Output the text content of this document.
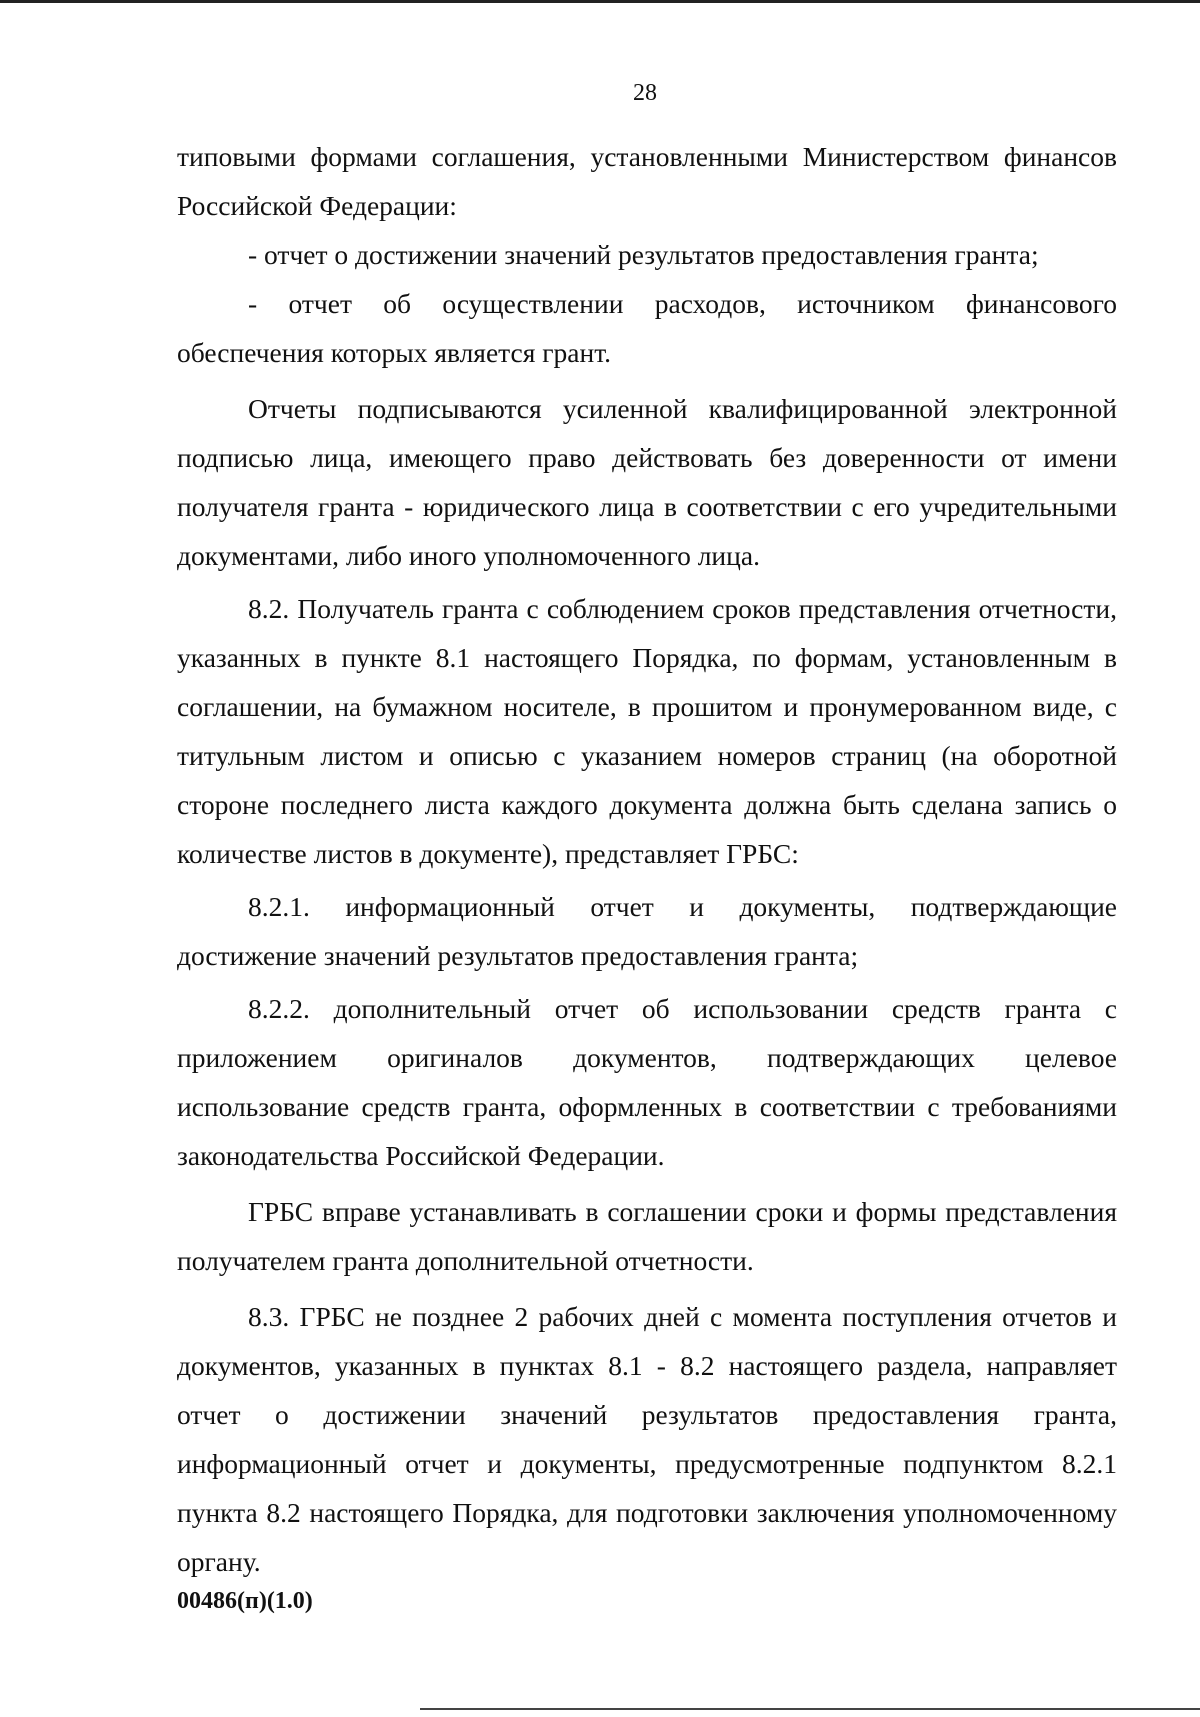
28

типовыми формами соглашения, установленными Министерством финансов Российской Федерации:

- отчет о достижении значений результатов предоставления гранта;

- отчет об осуществлении расходов, источником финансового обеспечения которых является грант.

Отчеты подписываются усиленной квалифицированной электронной подписью лица, имеющего право действовать без доверенности от имени получателя гранта - юридического лица в соответствии с его учредительными документами, либо иного уполномоченного лица.

8.2. Получатель гранта с соблюдением сроков представления отчетности, указанных в пункте 8.1 настоящего Порядка, по формам, установленным в соглашении, на бумажном носителе, в прошитом и пронумерованном виде, с титульным листом и описью с указанием номеров страниц (на оборотной стороне последнего листа каждого документа должна быть сделана запись о количестве листов в документе), представляет ГРБС:

8.2.1. информационный отчет и документы, подтверждающие достижение значений результатов предоставления гранта;

8.2.2. дополнительный отчет об использовании средств гранта с приложением оригиналов документов, подтверждающих целевое использование средств гранта, оформленных в соответствии с требованиями законодательства Российской Федерации.

ГРБС вправе устанавливать в соглашении сроки и формы представления получателем гранта дополнительной отчетности.

8.3. ГРБС не позднее 2 рабочих дней с момента поступления отчетов и документов, указанных в пунктах 8.1 - 8.2 настоящего раздела, направляет отчет о достижении значений результатов предоставления гранта, информационный отчет и документы, предусмотренные подпунктом 8.2.1 пункта 8.2 настоящего Порядка, для подготовки заключения уполномоченному органу.

00486(п)(1.0)
